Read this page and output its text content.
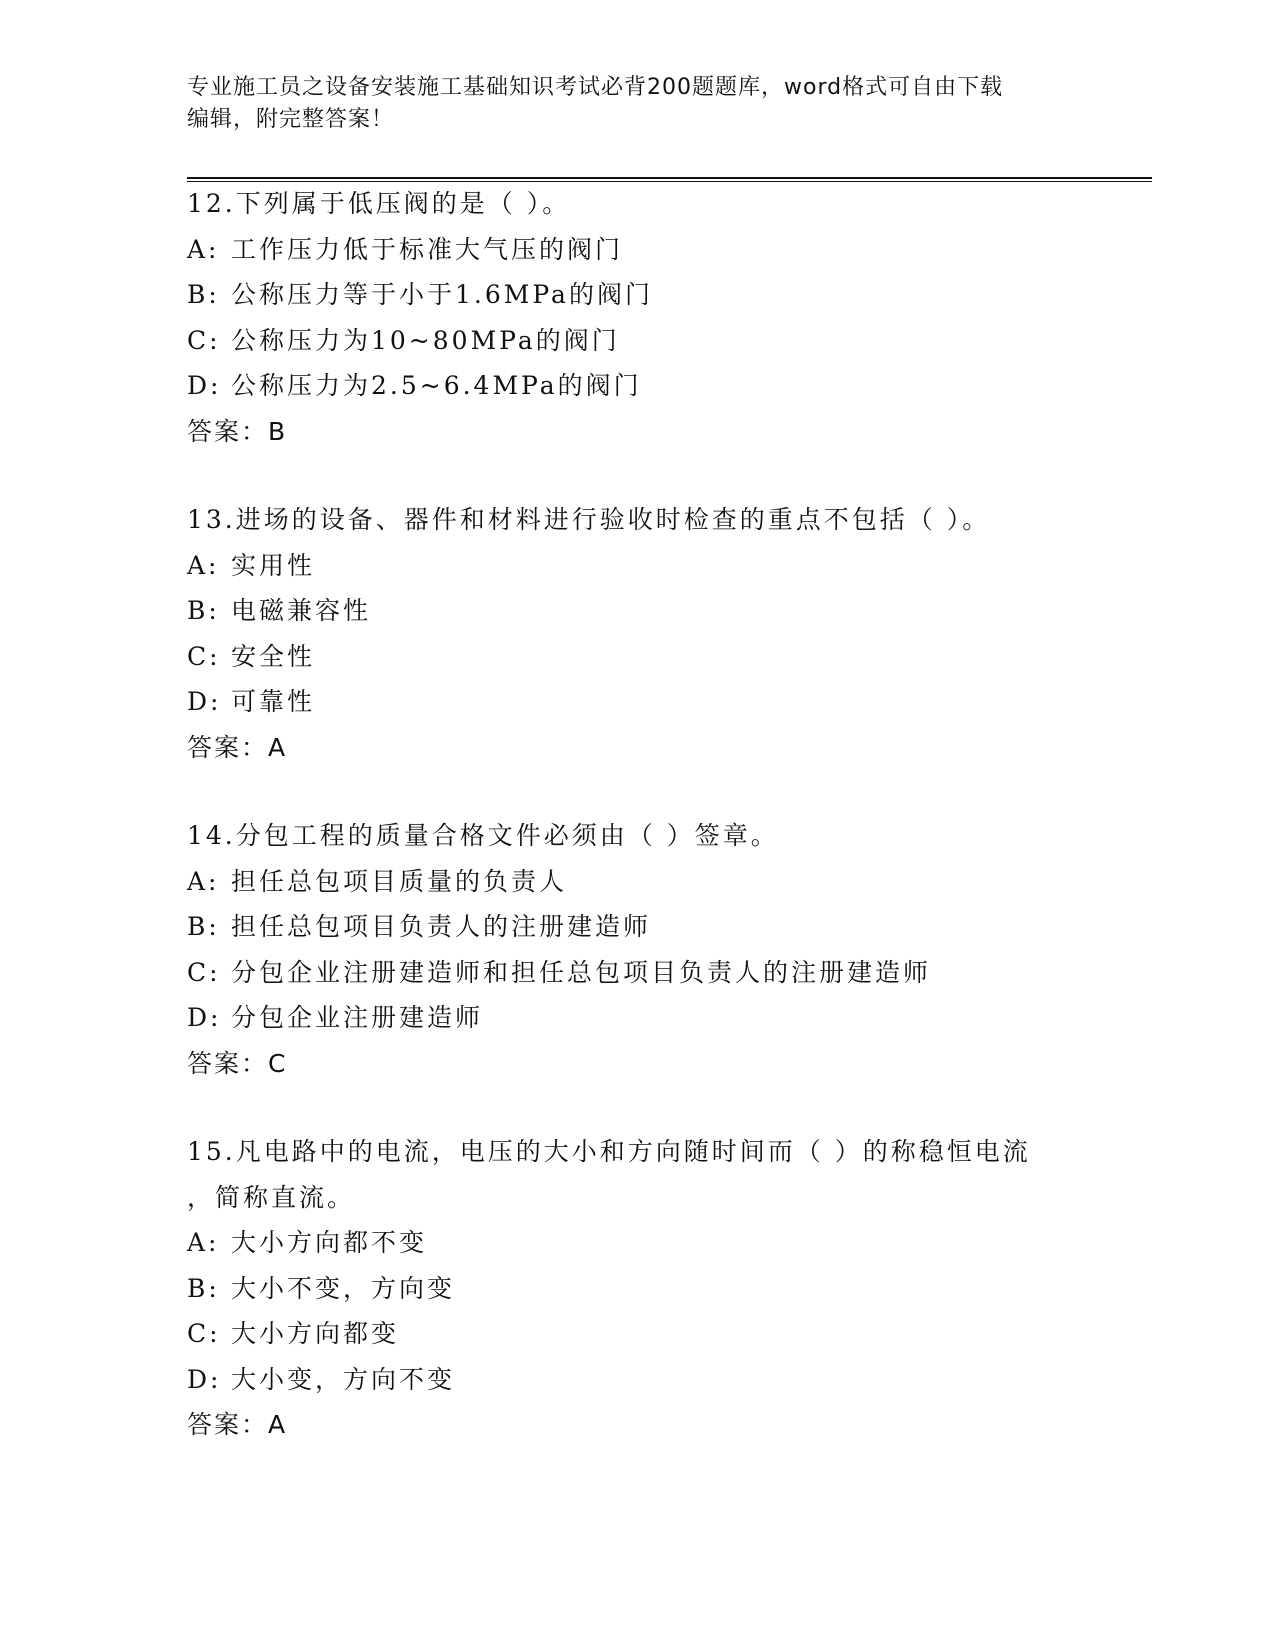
专业施工员之设备安装施工基础知识考试必背200题题库，word格式可自由下载
编辑，附完整答案！
12.下列属于低压阀的是（ ）。
A: 工作压力低于标准大气压的阀门
B: 公称压力等于小于1.6MPa的阀门
C: 公称压力为10~80MPa的阀门
D: 公称压力为2.5~6.4MPa的阀门
答案：B
13.进场的设备、器件和材料进行验收时检查的重点不包括（ ）。
A: 实用性
B: 电磁兼容性
C: 安全性
D: 可靠性
答案：A
14.分包工程的质量合格文件必须由（ ）签章。
A: 担任总包项目质量的负责人
B: 担任总包项目负责人的注册建造师
C: 分包企业注册建造师和担任总包项目负责人的注册建造师
D: 分包企业注册建造师
答案：C
15.凡电路中的电流，电压的大小和方向随时间而（ ）的称稳恒电流
，简称直流。
A: 大小方向都不变
B: 大小不变，方向变
C: 大小方向都变
D: 大小变，方向不变
答案：A
